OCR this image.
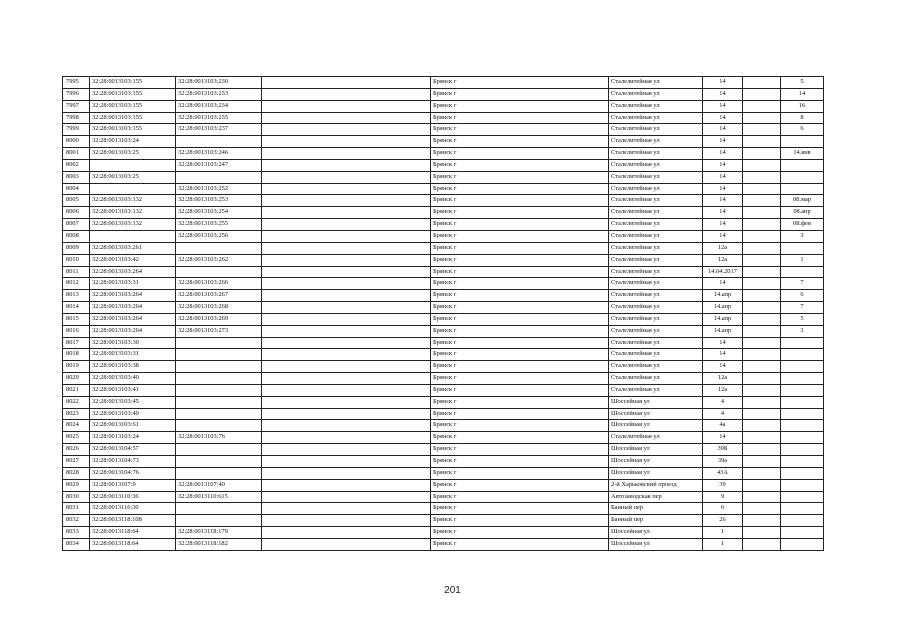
7995	32:28:0013103:155	32:28:0013103:230		Брянск г	Сталелитейная ул	14		5
7996	32:28:0013103:155	32:28:0013103:233		Брянск г	Сталелитейная ул	14		14
7997	32:28:0013103:155	32:28:0013103:234		Брянск г	Сталелитейная ул	14		16
7998	32:28:0013103:155	32:28:0013103:235		Брянск г	Сталелитейная ул	14		8
7999	32:28:0013103:155	32:28:0013103:237		Брянск г	Сталелитейная ул	14		6
8000	32:28:0013103:24			Брянск г	Сталелитейная ул	14		
8001	32:28:0013103:25	32:28:0013103:246		Брянск г	Сталелитейная ул	14		14.янв
8002		32:28:0013103:247		Брянск г	Сталелитейная ул	14		
8003	32:28:0013103:25			Брянск г	Сталелитейная ул	14		
8004		32:28:0013103:252		Брянск г	Сталелитейная ул	14		
8005	32:28:0013103:132	32:28:0013103:253		Брянск г	Сталелитейная ул	14		08.мар
8006	32:28:0013103:132	32:28:0013103:254		Брянск г	Сталелитейная ул	14		08.апр
8007	32:28:0013103:132	32:28:0013103:255		Брянск г	Сталелитейная ул	14		08.фев
8008		32:28:0013103:256		Брянск г	Сталелитейная ул	14		3
8009	32:28:0013103:261			Брянск г	Сталелитейная ул	12а		
8010	32:28:0013103:42	32:28:0013103:262		Брянск г	Сталелитейная ул	12а		1
8011	32:28:0013103:264			Брянск г	Сталелитейная ул	14.04.2017		
8012	32:28:0013103:31	32:28:0013103:266		Брянск г	Сталелитейная ул	14		7
8013	32:28:0013103:264	32:28:0013103:267		Брянск г	Сталелитейная ул	14.апр		6
8014	32:28:0013103:264	32:28:0013103:268		Брянск г	Сталелитейная ул	14.апр		7
8015	32:28:0013103:264	32:28:0013103:269		Брянск г	Сталелитейная ул	14.апр		5
8016	32:28:0013103:264	32:28:0013103:273		Брянск г	Сталелитейная ул	14.апр		3
8017	32:28:0013103:30			Брянск г	Сталелитейная ул	14		
8018	32:28:0013103:31			Брянск г	Сталелитейная ул	14		
8019	32:28:0013103:38			Брянск г	Сталелитейная ул	14		
8020	32:28:0013103:40			Брянск г	Сталелитейная ул	12а		
8021	32:28:0013103:41			Брянск г	Сталелитейная ул	12а		
8022	32:28:0013103:45			Брянск г	Шоссейная ул	4		
8023	32:28:0013103:49			Брянск г	Шоссейная ул	4		
8024	32:28:0013103:61			Брянск г	Шоссейная ул	4а		
8025	32:28:0013103:24	32:28:0013103:76		Брянск г	Сталелитейная ул	14		
8026	32:28:0013104:57			Брянск г	Шоссейная ул	39Б		
8027	32:28:0013104:73			Брянск г	Шоссейная ул	39а		
8028	32:28:0013104:76			Брянск г	Шоссейная ул	43А		
8029	32:28:0013107:9	32:28:0013107:40		Брянск г	2-й Харьковский проезд	39		
8030	32:28:0013110:36	32:28:0013110:615		Брянск г	Автозаводская пер	9		
8031	32:28:0013116:30			Брянск г	Банный пер	6		
8032	32:28:0013118:108			Брянск г	Банный пер	26		
8033	32:28:0013118:64	32:28:0013118:179		Брянск г	Шоссейная ул	1		
8034	32:28:0013118:64	32:28:0013118:182		Брянск г	Шоссейная ул	1		
201
